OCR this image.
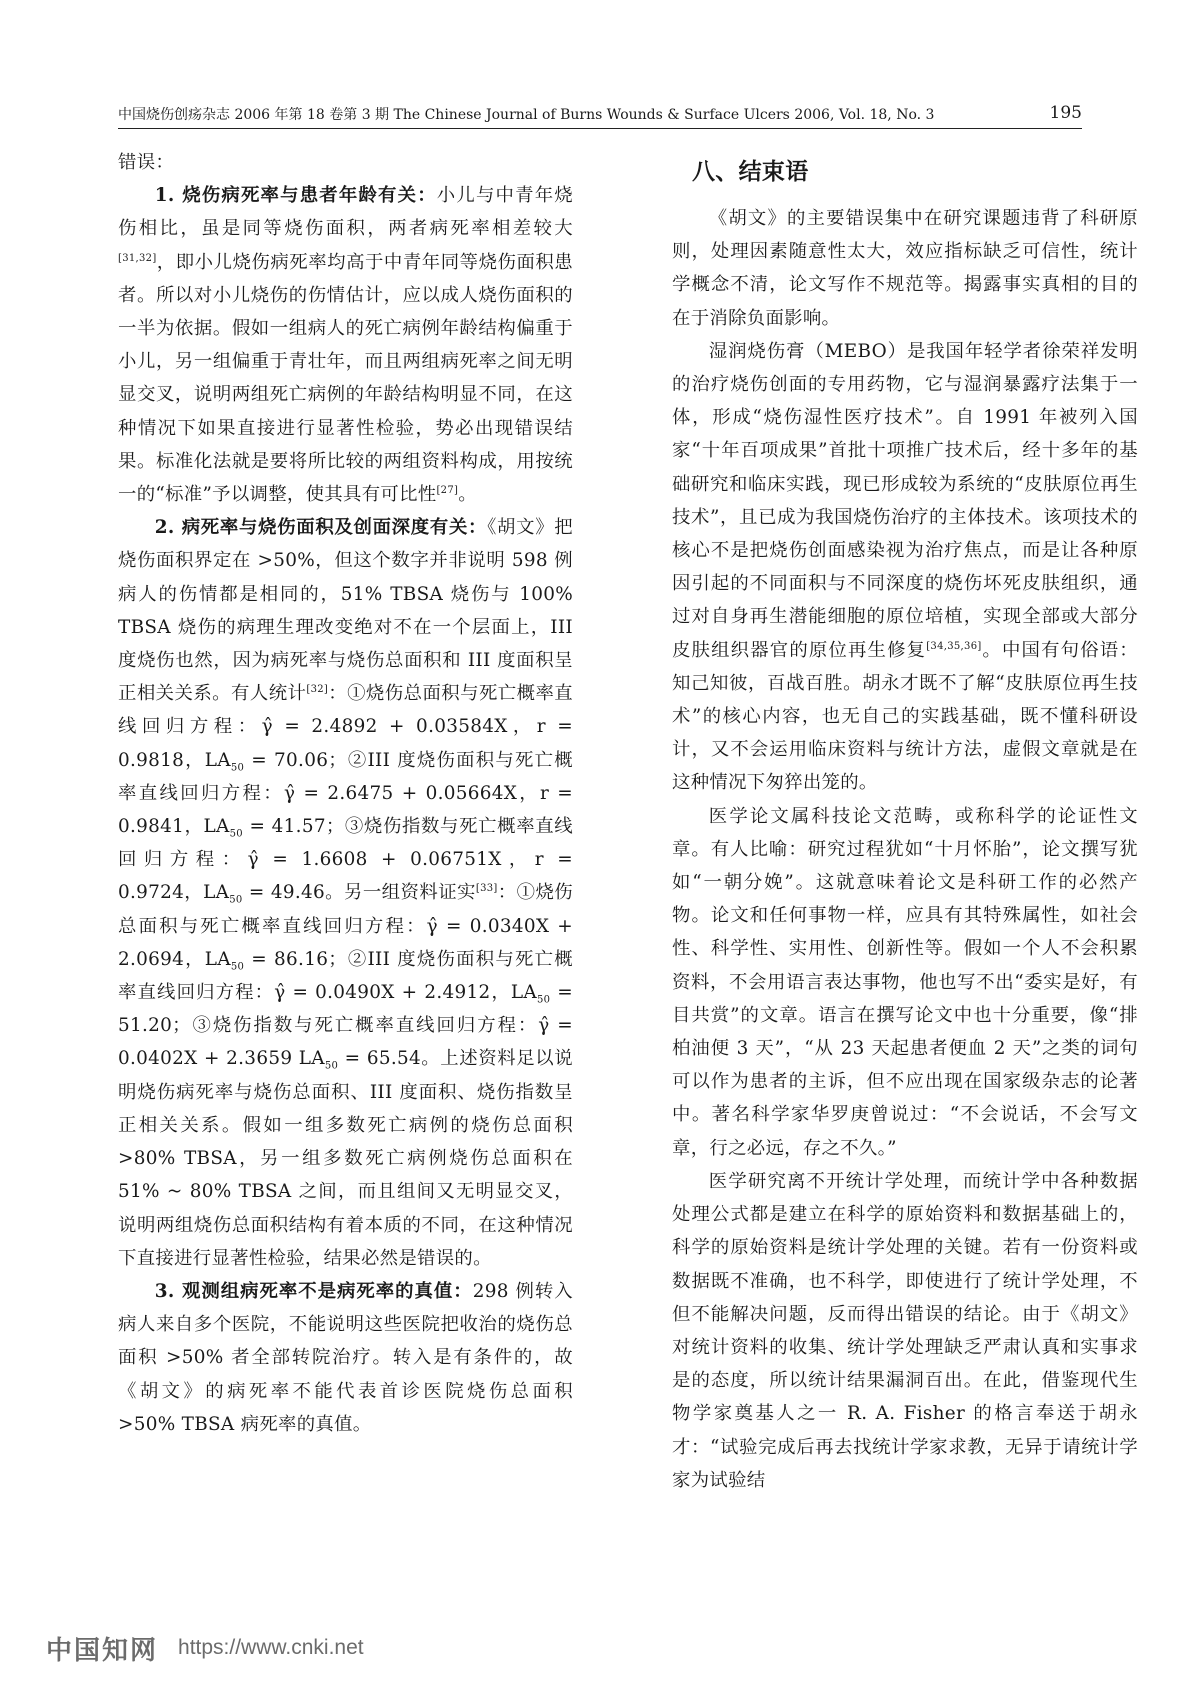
中国烧伤创疡杂志 2006 年第 18 卷第 3 期 The Chinese Journal of Burns Wounds & Surface Ulcers 2006, Vol. 18, No. 3	195

错误：

1. 烧伤病死率与患者年龄有关：小儿与中青年烧伤相比，虽是同等烧伤面积，两者病死率相差较大[31,32]，即小儿烧伤病死率均高于中青年同等烧伤面积患者。所以对小儿烧伤的伤情估计，应以成人烧伤面积的一半为依据。假如一组病人的死亡病例年龄结构偏重于小儿，另一组偏重于青壮年，而且两组病死率之间无明显交叉，说明两组死亡病例的年龄结构明显不同，在这种情况下如果直接进行显著性检验，势必出现错误结果。标准化法就是要将所比较的两组资料构成，用按统一的“标准”予以调整，使其具有可比性[27]。

2. 病死率与烧伤面积及创面深度有关：《胡文》把烧伤面积界定在 >50%，但这个数字并非说明 598 例病人的伤情都是相同的，51% TBSA 烧伤与 100% TBSA 烧伤的病理生理改变绝对不在一个层面上，III 度烧伤也然，因为病死率与烧伤总面积和 III 度面积呈正相关关系。有人统计[32]：①烧伤总面积与死亡概率直线回归方程：γ̂ = 2.4892 + 0.03584X，r = 0.9818，$LA_{50} = 70.06$；②III 度烧伤面积与死亡概率直线回归方程：γ̂ = 2.6475 + 0.05664X，r = 0.9841，$LA_{50} = 41.57$；③烧伤指数与死亡概率直线回归方程：γ̂ = 1.6608 + 0.06751X，r = 0.9724，$LA_{50} = 49.46$。另一组资料证实[33]：①烧伤总面积与死亡概率直线回归方程：γ̂ = 0.0340X + 2.0694，$LA_{50} = 86.16$；②III 度烧伤面积与死亡概率直线回归方程：γ̂ = 0.0490X + 2.4912，$LA_{50} = 51.20$；③烧伤指数与死亡概率直线回归方程：γ̂ = 0.0402X + 2.3659 $LA_{50} = 65.54$。上述资料足以说明烧伤病死率与烧伤总面积、III 度面积、烧伤指数呈正相关关系。假如一组多数死亡病例的烧伤总面积 >80% TBSA，另一组多数死亡病例烧伤总面积在 51% ~ 80% TBSA 之间，而且组间又无明显交叉，说明两组烧伤总面积结构有着本质的不同，在这种情况下直接进行显著性检验，结果必然是错误的。

3. 观测组病死率不是病死率的真值：298 例转入病人来自多个医院，不能说明这些医院把收治的烧伤总面积 >50% 者全部转院治疗。转入是有条件的，故《胡文》的病死率不能代表首诊医院烧伤总面积 >50% TBSA 病死率的真值。

八、结束语

《胡文》的主要错误集中在研究课题违背了科研原则，处理因素随意性太大，效应指标缺乏可信性，统计学概念不清，论文写作不规范等。揭露事实真相的目的在于消除负面影响。

湿润烧伤膏（MEBO）是我国年轻学者徐荣祥发明的治疗烧伤创面的专用药物，它与湿润暴露疗法集于一体，形成“烧伤湿性医疗技术”。自 1991 年被列入国家“十年百项成果”首批十项推广技术后，经十多年的基础研究和临床实践，现已形成较为系统的“皮肤原位再生技术”，且已成为我国烧伤治疗的主体技术。该项技术的核心不是把烧伤创面感染视为治疗焦点，而是让各种原因引起的不同面积与不同深度的烧伤坏死皮肤组织，通过对自身再生潜能细胞的原位培植，实现全部或大部分皮肤组织器官的原位再生修复[34,35,36]。中国有句俗语：知己知彼，百战百胜。胡永才既不了解“皮肤原位再生技术”的核心内容，也无自己的实践基础，既不懂科研设计，又不会运用临床资料与统计方法，虚假文章就是在这种情况下匆猝出笼的。

医学论文属科技论文范畴，或称科学的论证性文章。有人比喻：研究过程犹如“十月怀胎”，论文撰写犹如“一朝分娩”。这就意味着论文是科研工作的必然产物。论文和任何事物一样，应具有其特殊属性，如社会性、科学性、实用性、创新性等。假如一个人不会积累资料，不会用语言表达事物，他也写不出“委实是好，有目共赏”的文章。语言在撰写论文中也十分重要，像“排柏油便 3 天”，“从 23 天起患者便血 2 天”之类的词句可以作为患者的主诉，但不应出现在国家级杂志的论著中。著名科学家华罗庚曾说过：“不会说话，不会写文章，行之必远，存之不久。”

医学研究离不开统计学处理，而统计学中各种数据处理公式都是建立在科学的原始资料和数据基础上的，科学的原始资料是统计学处理的关键。若有一份资料或数据既不准确，也不科学，即使进行了统计学处理，不但不能解决问题，反而得出错误的结论。由于《胡文》对统计资料的收集、统计学处理缺乏严肃认真和实事求是的态度，所以统计结果漏洞百出。在此，借鉴现代生物学家奠基人之一 R. A. Fisher 的格言奉送于胡永才：“试验完成后再去找统计学家求教，无异于请统计学家为试验结

中国知网 https://www.cnki.net
